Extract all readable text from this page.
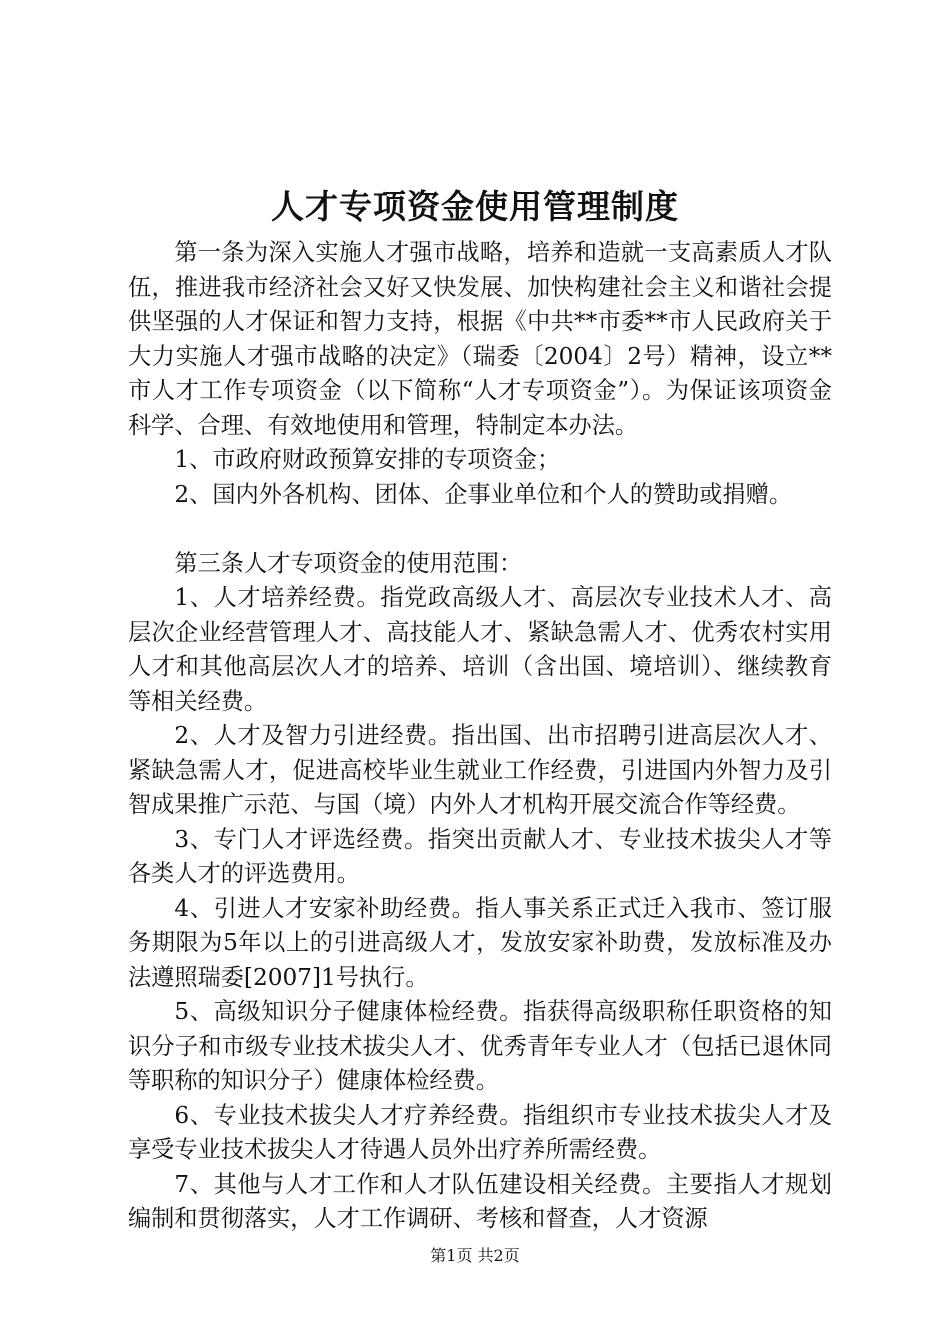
人才专项资金使用管理制度

第一条为深入实施人才强市战略，培养和造就一支高素质人才队伍，推进我市经济社会又好又快发展、加快构建社会主义和谐社会提供坚强的人才保证和智力支持，根据《中共**市委**市人民政府关于大力实施人才强市战略的决定》（瑞委〔2004〕2号）精神，设立**市人才工作专项资金（以下简称“人才专项资金”）。为保证该项资金科学、合理、有效地使用和管理，特制定本办法。

1、市政府财政预算安排的专项资金；

2、国内外各机构、团体、企事业单位和个人的赞助或捐赠。

第三条人才专项资金的使用范围：

1、人才培养经费。指党政高级人才、高层次专业技术人才、高层次企业经营管理人才、高技能人才、紧缺急需人才、优秀农村实用人才和其他高层次人才的培养、培训（含出国、境培训）、继续教育等相关经费。

2、人才及智力引进经费。指出国、出市招聘引进高层次人才、紧缺急需人才，促进高校毕业生就业工作经费，引进国内外智力及引智成果推广示范、与国（境）内外人才机构开展交流合作等经费。

3、专门人才评选经费。指突出贡献人才、专业技术拔尖人才等各类人才的评选费用。

4、引进人才安家补助经费。指人事关系正式迁入我市、签订服务期限为5年以上的引进高级人才，发放安家补助费，发放标准及办法遵照瑞委[2007]1号执行。

5、高级知识分子健康体检经费。指获得高级职称任职资格的知识分子和市级专业技术拔尖人才、优秀青年专业人才（包括已退休同等职称的知识分子）健康体检经费。

6、专业技术拔尖人才疗养经费。指组织市专业技术拔尖人才及享受专业技术拔尖人才待遇人员外出疗养所需经费。

7、其他与人才工作和人才队伍建设相关经费。主要指人才规划编制和贯彻落实，人才工作调研、考核和督查，人才资源

第1页 共2页
